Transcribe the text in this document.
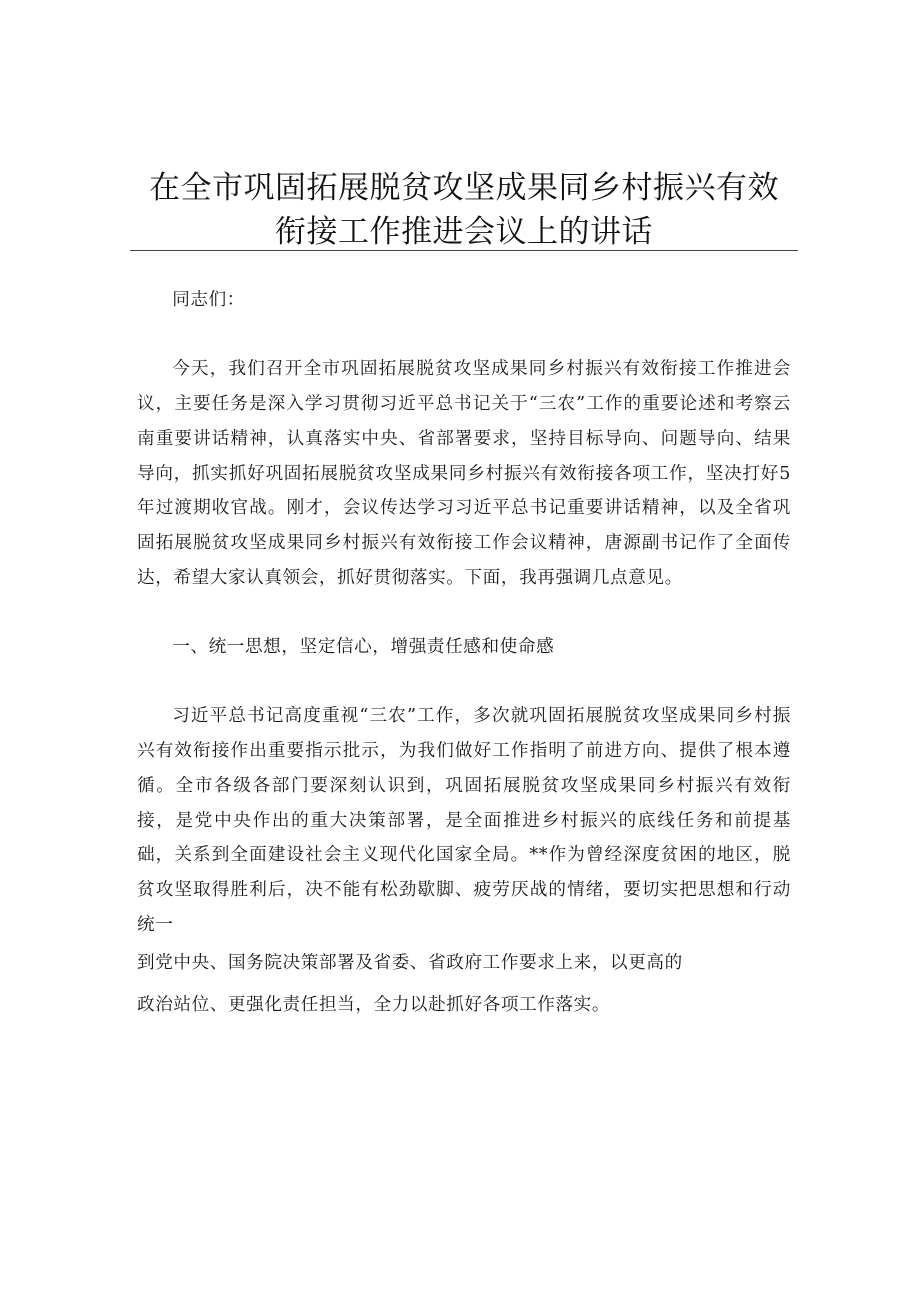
在全市巩固拓展脱贫攻坚成果同乡村振兴有效
衔接工作推进会议上的讲话

同志们：

今天，我们召开全市巩固拓展脱贫攻坚成果同乡村振兴有效衔接工作推进会议，主要任务是深入学习贯彻习近平总书记关于“三农”工作的重要论述和考察云南重要讲话精神，认真落实中央、省部署要求，坚持目标导向、问题导向、结果导向，抓实抓好巩固拓展脱贫攻坚成果同乡村振兴有效衔接各项工作，坚决打好5年过渡期收官战。刚才，会议传达学习习近平总书记重要讲话精神，以及全省巩固拓展脱贫攻坚成果同乡村振兴有效衔接工作会议精神，唐源副书记作了全面传达，希望大家认真领会，抓好贯彻落实。下面，我再强调几点意见。

一、统一思想，坚定信心，增强责任感和使命感

习近平总书记高度重视“三农”工作，多次就巩固拓展脱贫攻坚成果同乡村振兴有效衔接作出重要指示批示，为我们做好工作指明了前进方向、提供了根本遵循。全市各级各部门要深刻认识到，巩固拓展脱贫攻坚成果同乡村振兴有效衔接，是党中央作出的重大决策部署，是全面推进乡村振兴的底线任务和前提基础，关系到全面建设社会主义现代化国家全局。**作为曾经深度贫困的地区，脱贫攻坚取得胜利后，决不能有松劲歇脚、疲劳厌战的情绪，要切实把思想和行动统一

到党中央、国务院决策部署及省委、省政府工作要求上来，以更高的

政治站位、更强化责任担当，全力以赴抓好各项工作落实。
